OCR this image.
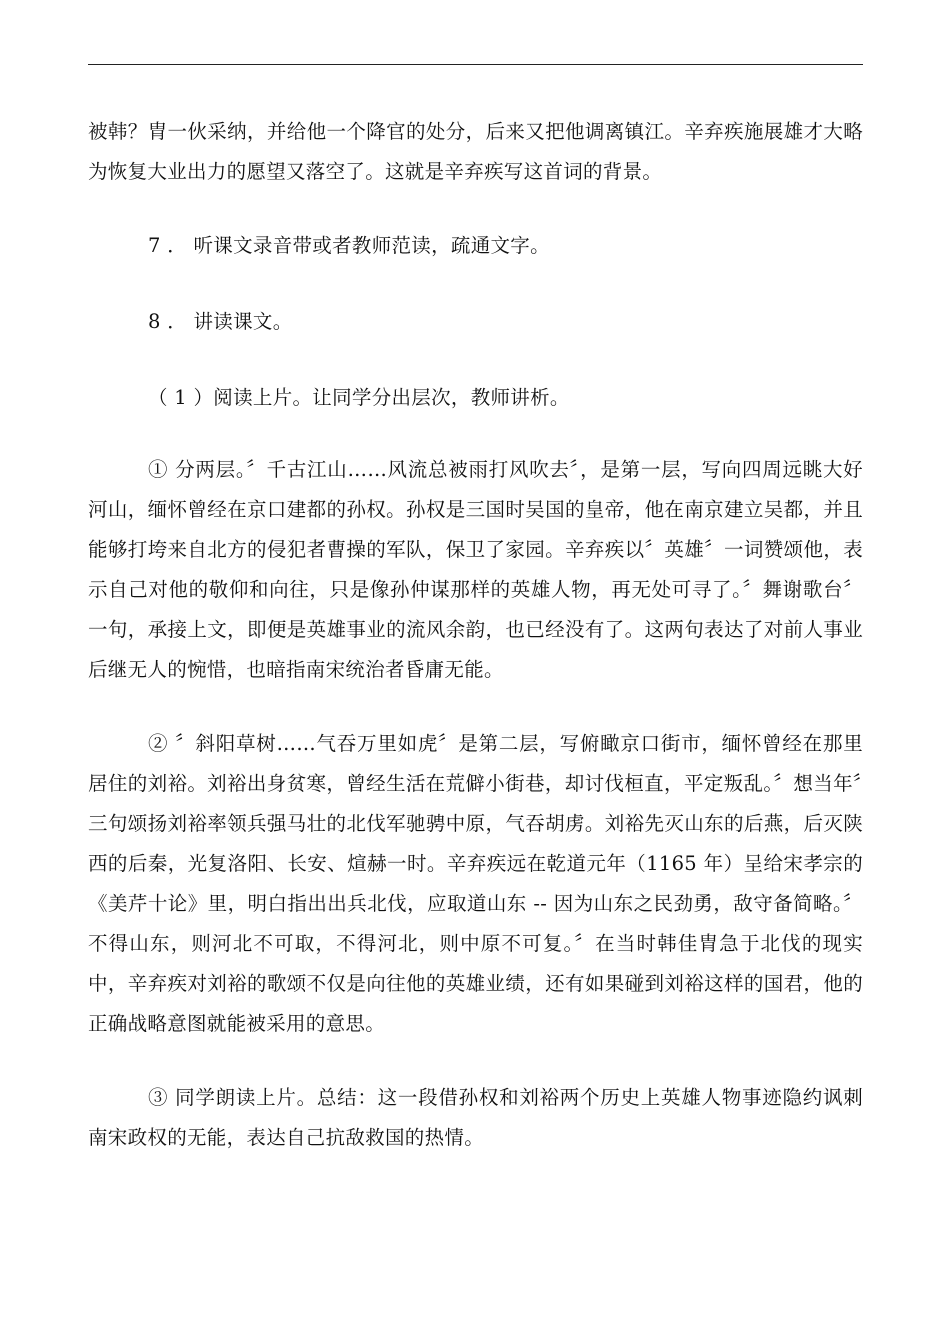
被韩？胄一伙采纳，并给他一个降官的处分，后来又把他调离镇江。辛弃疾施展雄才大略为恢复大业出力的愿望又落空了。这就是辛弃疾写这首词的背景。

7 ． 听课文录音带或者教师范读，疏通文字。

8 ． 讲读课文。

（ 1 ）阅读上片。让同学分出层次，教师讲析。

① 分两层。〞千古江山……风流总被雨打风吹去〞，是第一层，写向四周远眺大好河山，缅怀曾经在京口建都的孙权。孙权是三国时吴国的皇帝，他在南京建立吴都，并且能够打垮来自北方的侵犯者曹操的军队，保卫了家园。辛弃疾以〞英雄〞一词赞颂他，表示自己对他的敬仰和向往，只是像孙仲谋那样的英雄人物，再无处可寻了。〞舞谢歌台〞一句，承接上文，即便是英雄事业的流风余韵，也已经没有了。这两句表达了对前人事业后继无人的惋惜，也暗指南宋统治者昏庸无能。

② 〞斜阳草树……气吞万里如虎〞是第二层，写俯瞰京口街市，缅怀曾经在那里居住的刘裕。刘裕出身贫寒，曾经生活在荒僻小街巷，却讨伐桓直，平定叛乱。〞想当年〞三句颂扬刘裕率领兵强马壮的北伐军驰骋中原，气吞胡虏。刘裕先灭山东的后燕，后灭陕西的后秦，光复洛阳、长安、煊赫一时。辛弃疾远在乾道元年（1165 年）呈给宋孝宗的《美芹十论》里，明白指出出兵北伐，应取道山东 -- 因为山东之民劲勇，敌守备简略。〞不得山东，则河北不可取，不得河北，则中原不可复。〞在当时韩佳胄急于北伐的现实中，辛弃疾对刘裕的歌颂不仅是向往他的英雄业绩，还有如果碰到刘裕这样的国君，他的正确战略意图就能被采用的意思。

③ 同学朗读上片。总结：这一段借孙权和刘裕两个历史上英雄人物事迹隐约讽刺南宋政权的无能，表达自己抗敌救国的热情。
